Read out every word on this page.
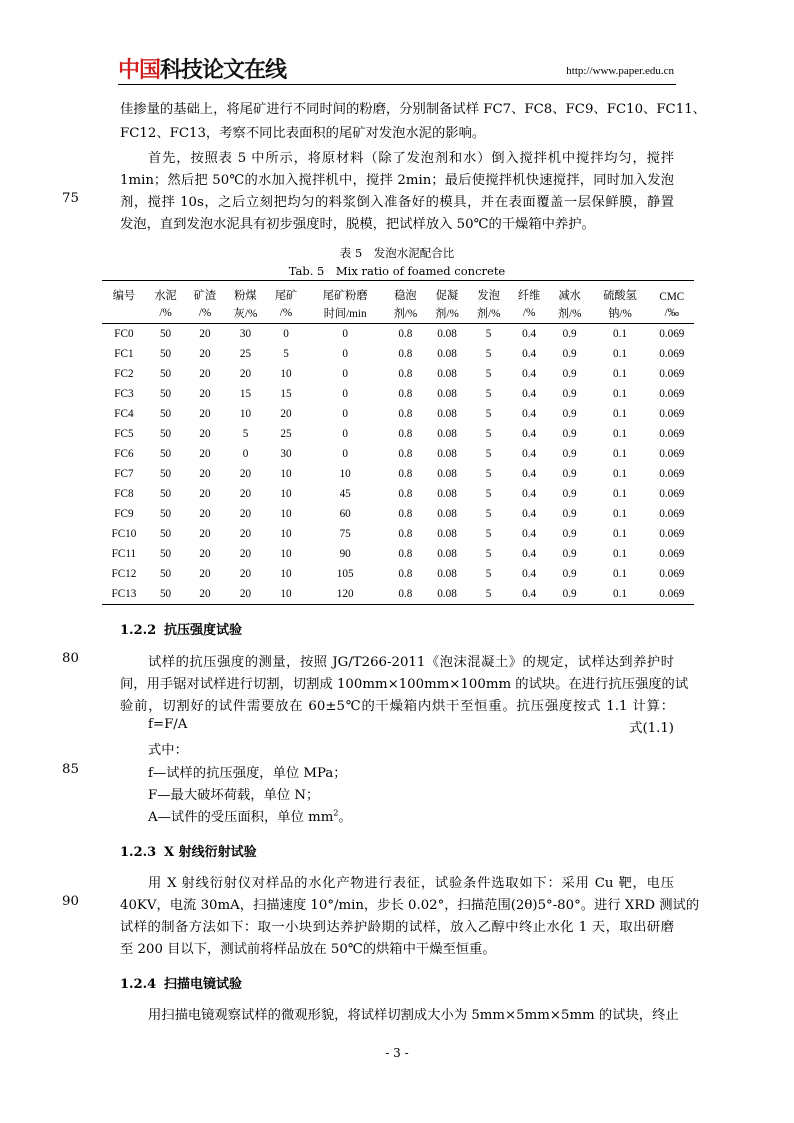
中国 科技论文在线	http://www.paper.edu.cn
佳掺量的基础上，将尾矿进行不同时间的粉磨，分别制备试样 FC7、FC8、FC9、FC10、FC11、
FC12、FC13，考察不同比表面积的尾矿对发泡水泥的影响。
首先，按照表 5 中所示，将原材料（除了发泡剂和水）倒入搅拌机中搅拌均匀，搅拌
1min；然后把 50℃的水加入搅拌机中，搅拌 2min；最后使搅拌机快速搅拌，同时加入发泡
剂，搅拌 10s，之后立刻把均匀的料浆倒入准备好的模具，并在表面覆盖一层保鲜膜，静置
75
发泡，直到发泡水泥具有初步强度时，脱模，把试样放入 50℃的干燥箱中养护。
表 5　发泡水泥配合比
Tab. 5　Mix ratio of foamed concrete
编号	水泥	矿渣	粉煤	尾矿	尾矿粉磨	稳泡	促凝	发泡	纤维	减水	硫酸氢	CMC
	/%	/%	灰/%	/%	时间/min	剂/%	剂/%	剂/%	/%	剂/%	钠/%	/‰
FC0	50	20	30	0	0	0.8	0.08	5	0.4	0.9	0.1	0.069
FC1	50	20	25	5	0	0.8	0.08	5	0.4	0.9	0.1	0.069
FC2	50	20	20	10	0	0.8	0.08	5	0.4	0.9	0.1	0.069
FC3	50	20	15	15	0	0.8	0.08	5	0.4	0.9	0.1	0.069
FC4	50	20	10	20	0	0.8	0.08	5	0.4	0.9	0.1	0.069
FC5	50	20	5	25	0	0.8	0.08	5	0.4	0.9	0.1	0.069
FC6	50	20	0	30	0	0.8	0.08	5	0.4	0.9	0.1	0.069
FC7	50	20	20	10	10	0.8	0.08	5	0.4	0.9	0.1	0.069
FC8	50	20	20	10	45	0.8	0.08	5	0.4	0.9	0.1	0.069
FC9	50	20	20	10	60	0.8	0.08	5	0.4	0.9	0.1	0.069
FC10	50	20	20	10	75	0.8	0.08	5	0.4	0.9	0.1	0.069
FC11	50	20	20	10	90	0.8	0.08	5	0.4	0.9	0.1	0.069
FC12	50	20	20	10	105	0.8	0.08	5	0.4	0.9	0.1	0.069
FC13	50	20	20	10	120	0.8	0.08	5	0.4	0.9	0.1	0.069
1.2.2 抗压强度试验
试样的抗压强度的测量，按照 JG/T266-2011《泡沫混凝土》的规定，试样达到养护时
80
间，用手锯对试样进行切割，切割成 100mm×100mm×100mm 的试块。在进行抗压强度的试
验前，切割好的试件需要放在 60±5℃的干燥箱内烘干至恒重。抗压强度按式 1.1 计算：
f=F/A	式(1.1)
式中：
f—试样的抗压强度，单位 MPa；
85
F—最大破坏荷载，单位 N；
A—试件的受压面积，单位 $mm^2$。
1.2.3 X 射线衍射试验
用 X 射线衍射仪对样品的水化产物进行表征，试验条件选取如下：采用 Cu 靶，电压
40KV，电流 30mA，扫描速度 10°/min，步长 0.02°，扫描范围(2θ)5°-80°。进行 XRD 测试的
90
试样的制备方法如下：取一小块到达养护龄期的试样，放入乙醇中终止水化 1 天，取出研磨
至 200 目以下，测试前将样品放在 50℃的烘箱中干燥至恒重。
1.2.4 扫描电镜试验
用扫描电镜观察试样的微观形貌，将试样切割成大小为 5mm×5mm×5mm 的试块，终止
- 3 -
